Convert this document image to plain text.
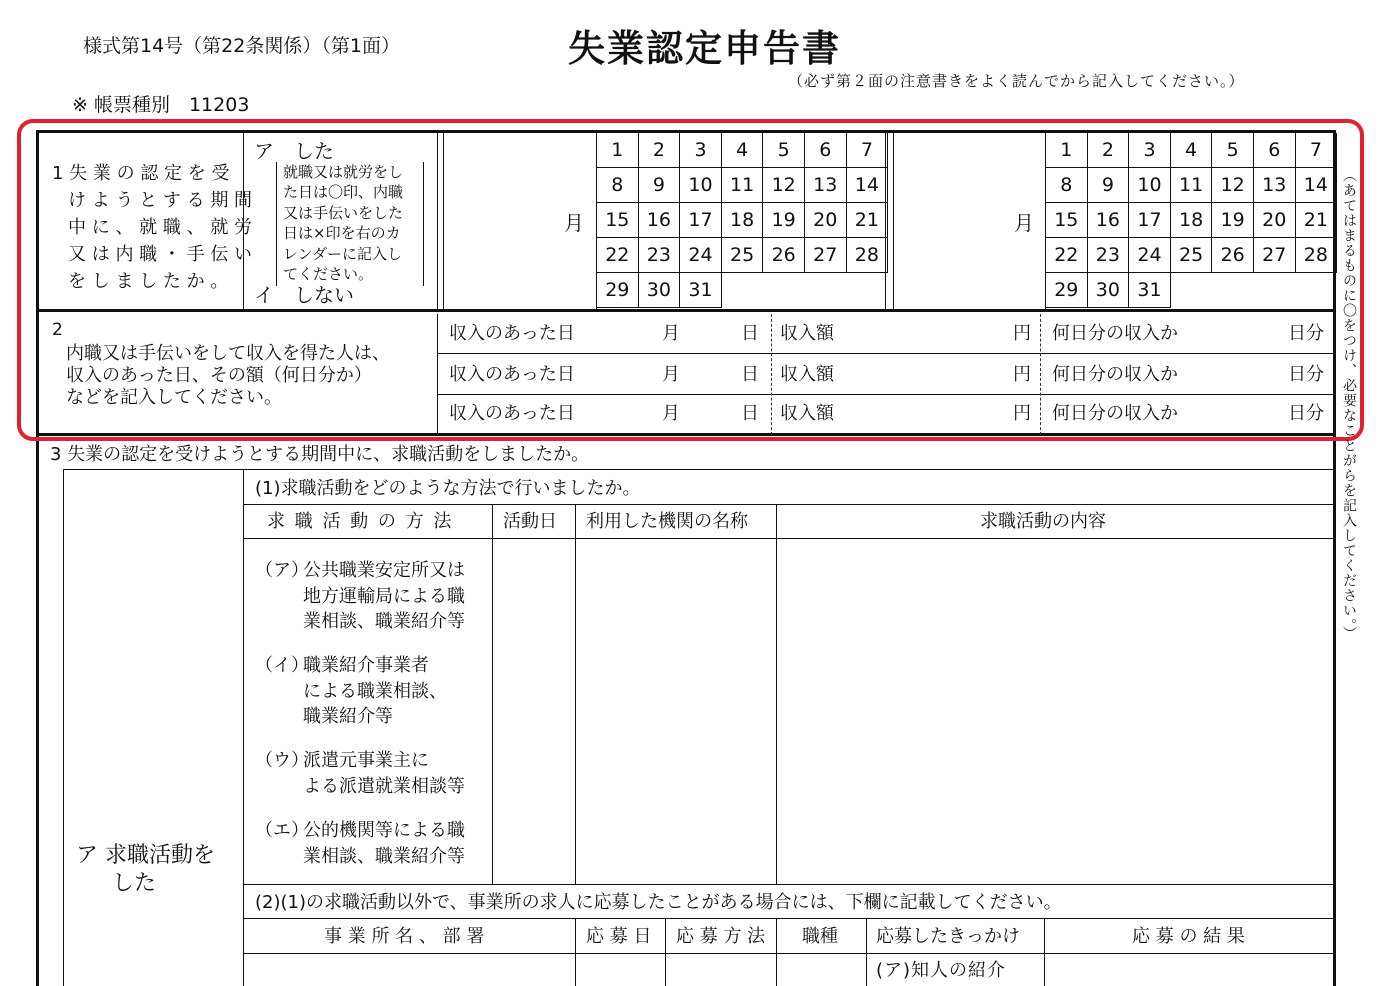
様式第14号（第22条関係）（第1面）	失業認定申告書
（必ず第２面の注意書きをよく読んでから記入してください。）
※ 帳票種別　11203
1 失 業 の 認 定 を 受
け よ う と す る 期 間
中 に 、 就 職 、 就 労
又 は 内 職 ・ 手 伝 い
を し ま し た か 。
ア　した
就職又は就労をし
た日は〇印、内職
又は手伝いをした
日は×印を右のカ
レンダーに記入し
てください。
イ　しない
月
1	2	3	4	5	6	7
8	9	10 11 12 13 14
15 16 17 18 19 20 21
22 23 24 25 26 27 28
29 30 31
月
1	2	3	4	5	6	7
8	9	10 11 12 13 14
15 16 17 18 19 20 21
22 23 24 25 26 27 28
29 30 31
2
内職又は手伝いをして収入を得た人は、
収入のあった日、その額（何日分か）
などを記入してください。
収入のあった日	月	日 収入額	円 何日分の収入か	日分
収入のあった日	月	日 収入額	円 何日分の収入か	日分
収入のあった日	月	日 収入額	円 何日分の収入か	日分 （あてはまるものに〇をつけ、必要なことがらを記入してください。）
3 失業の認定を受けようとする期間中に、求職活動をしましたか。
ア 求職活動を
した
(1)求職活動をどのような方法で行いましたか。
求 職 活 動 の 方 法	活動日 利用した機関の名称	求職活動の内容
（ア）
公共職業安定所又は
地方運輸局による職
業相談、職業紹介等
（イ）
職業紹介事業者
による職業相談、
職業紹介等
（ウ）
派遣元事業主に
よる派遣就業相談等
（エ）
公的機関等による職
業相談、職業紹介等
(2)(1)の求職活動以外で、事業所の求人に応募したことがある場合には、下欄に記載してください。
事 業 所 名 、 部 署	応 募 日 応 募 方 法 職種 応募したきっかけ	応 募 の 結 果
(ア)知人の紹介
